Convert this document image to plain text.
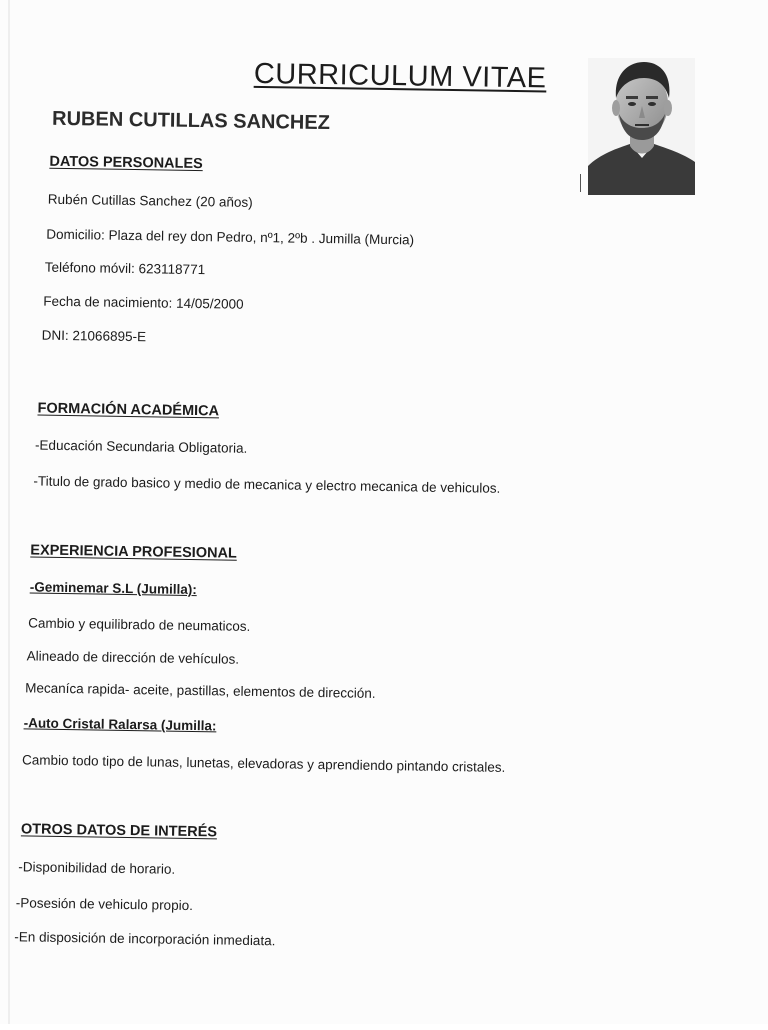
CURRICULUM VITAE
RUBEN CUTILLAS SANCHEZ
DATOS PERSONALES
Rubén Cutillas Sanchez (20 años)
Domicilio: Plaza del rey don Pedro, nº1, 2ºb . Jumilla (Murcia)
Teléfono móvil: 623118771
Fecha de nacimiento: 14/05/2000
DNI: 21066895-E
FORMACIÓN ACADÉMICA
-Educación Secundaria Obligatoria.
-Titulo de grado basico y medio de mecanica y electro mecanica de vehiculos.
EXPERIENCIA PROFESIONAL
-Geminemar S.L (Jumilla):
Cambio y equilibrado de neumaticos.
Alineado de dirección de vehículos.
Mecaníca rapida- aceite, pastillas, elementos de dirección.
-Auto Cristal Ralarsa (Jumilla:
Cambio todo tipo de lunas, lunetas, elevadoras y aprendiendo pintando cristales.
OTROS DATOS DE INTERÉS
-Disponibilidad de horario.
-Posesión de vehiculo propio.
-En disposición de incorporación inmediata.
